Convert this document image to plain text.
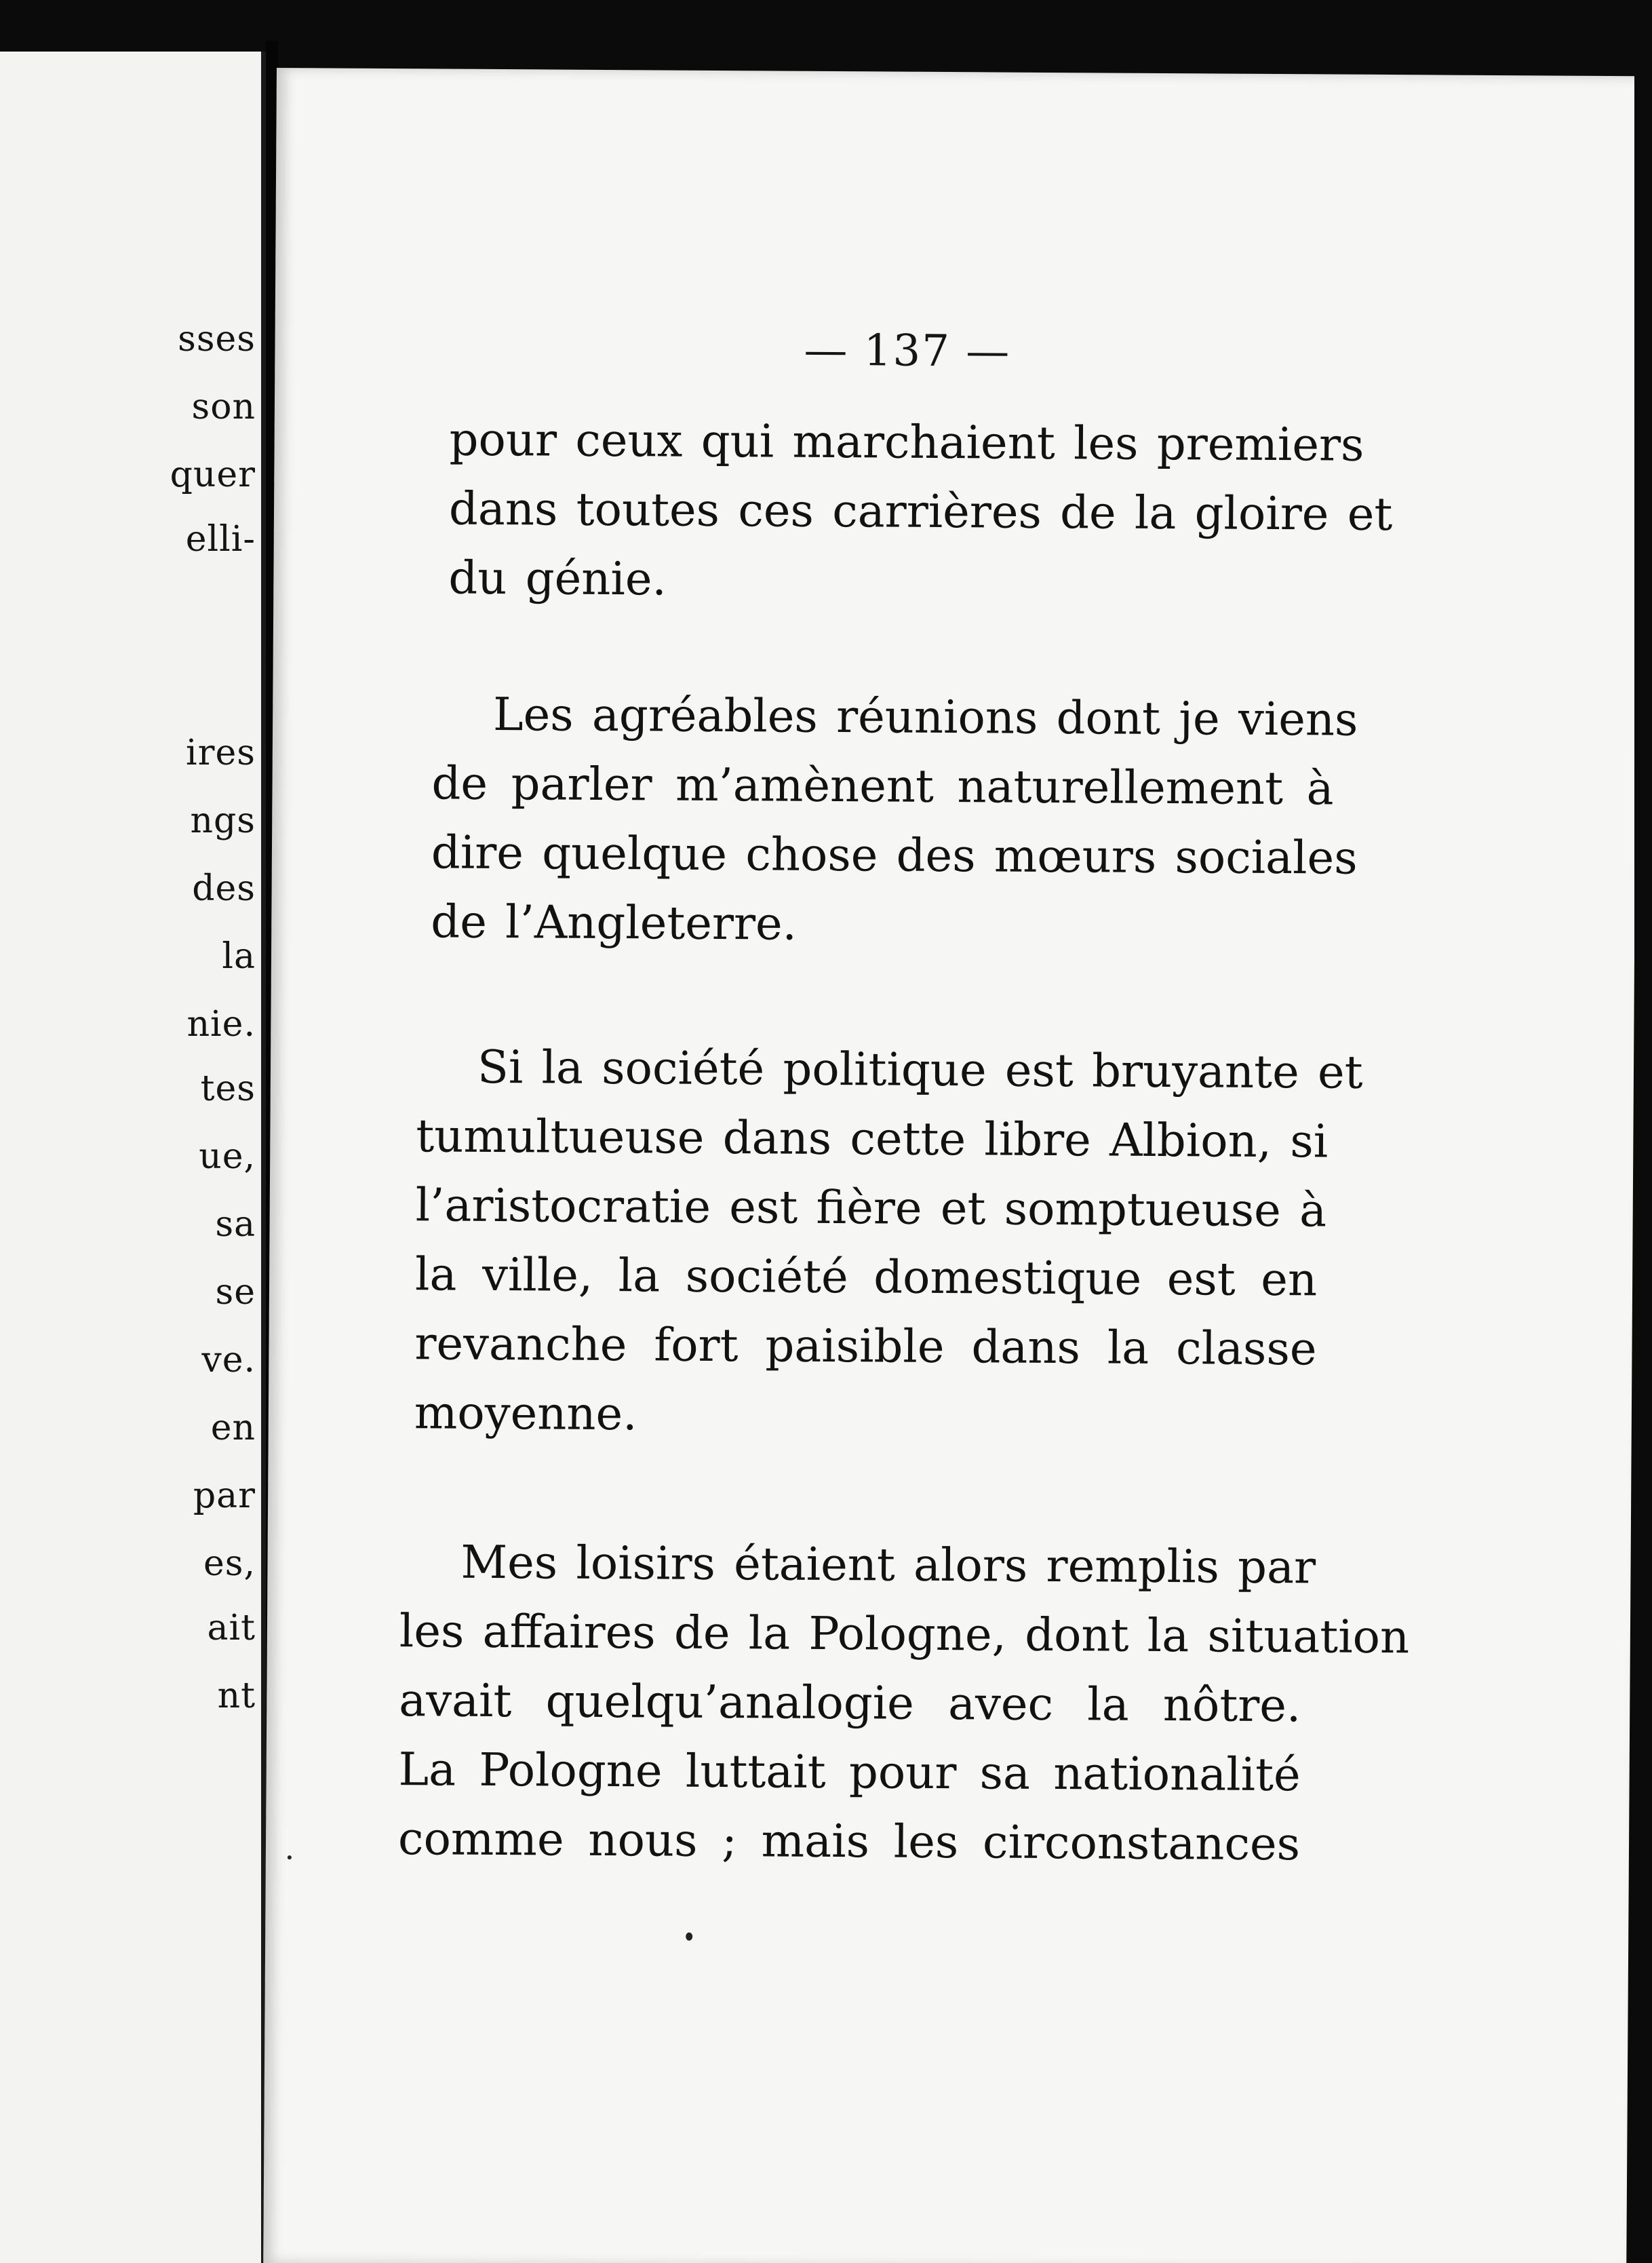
sses
son
quer
elli-
ires
ngs
des
la
nie.
tes
ue,
sa
se
ve.
en
par
es,
ait
nt
— 137 —

pour ceux qui marchaient les premiers
dans toutes ces carrières de la gloire et
du génie.

Les agréables réunions dont je viens
de parler m’amènent naturellement à
dire quelque chose des mœurs sociales
de l’Angleterre.

Si la société politique est bruyante et
tumultueuse dans cette libre Albion, si
l’aristocratie est fière et somptueuse à
la ville, la société domestique est en
revanche fort paisible dans la classe
moyenne.

Mes loisirs étaient alors remplis par
les affaires de la Pologne, dont la situation
avait quelqu’analogie avec la nôtre.
La Pologne luttait pour sa nationalité
comme nous ; mais les circonstances
